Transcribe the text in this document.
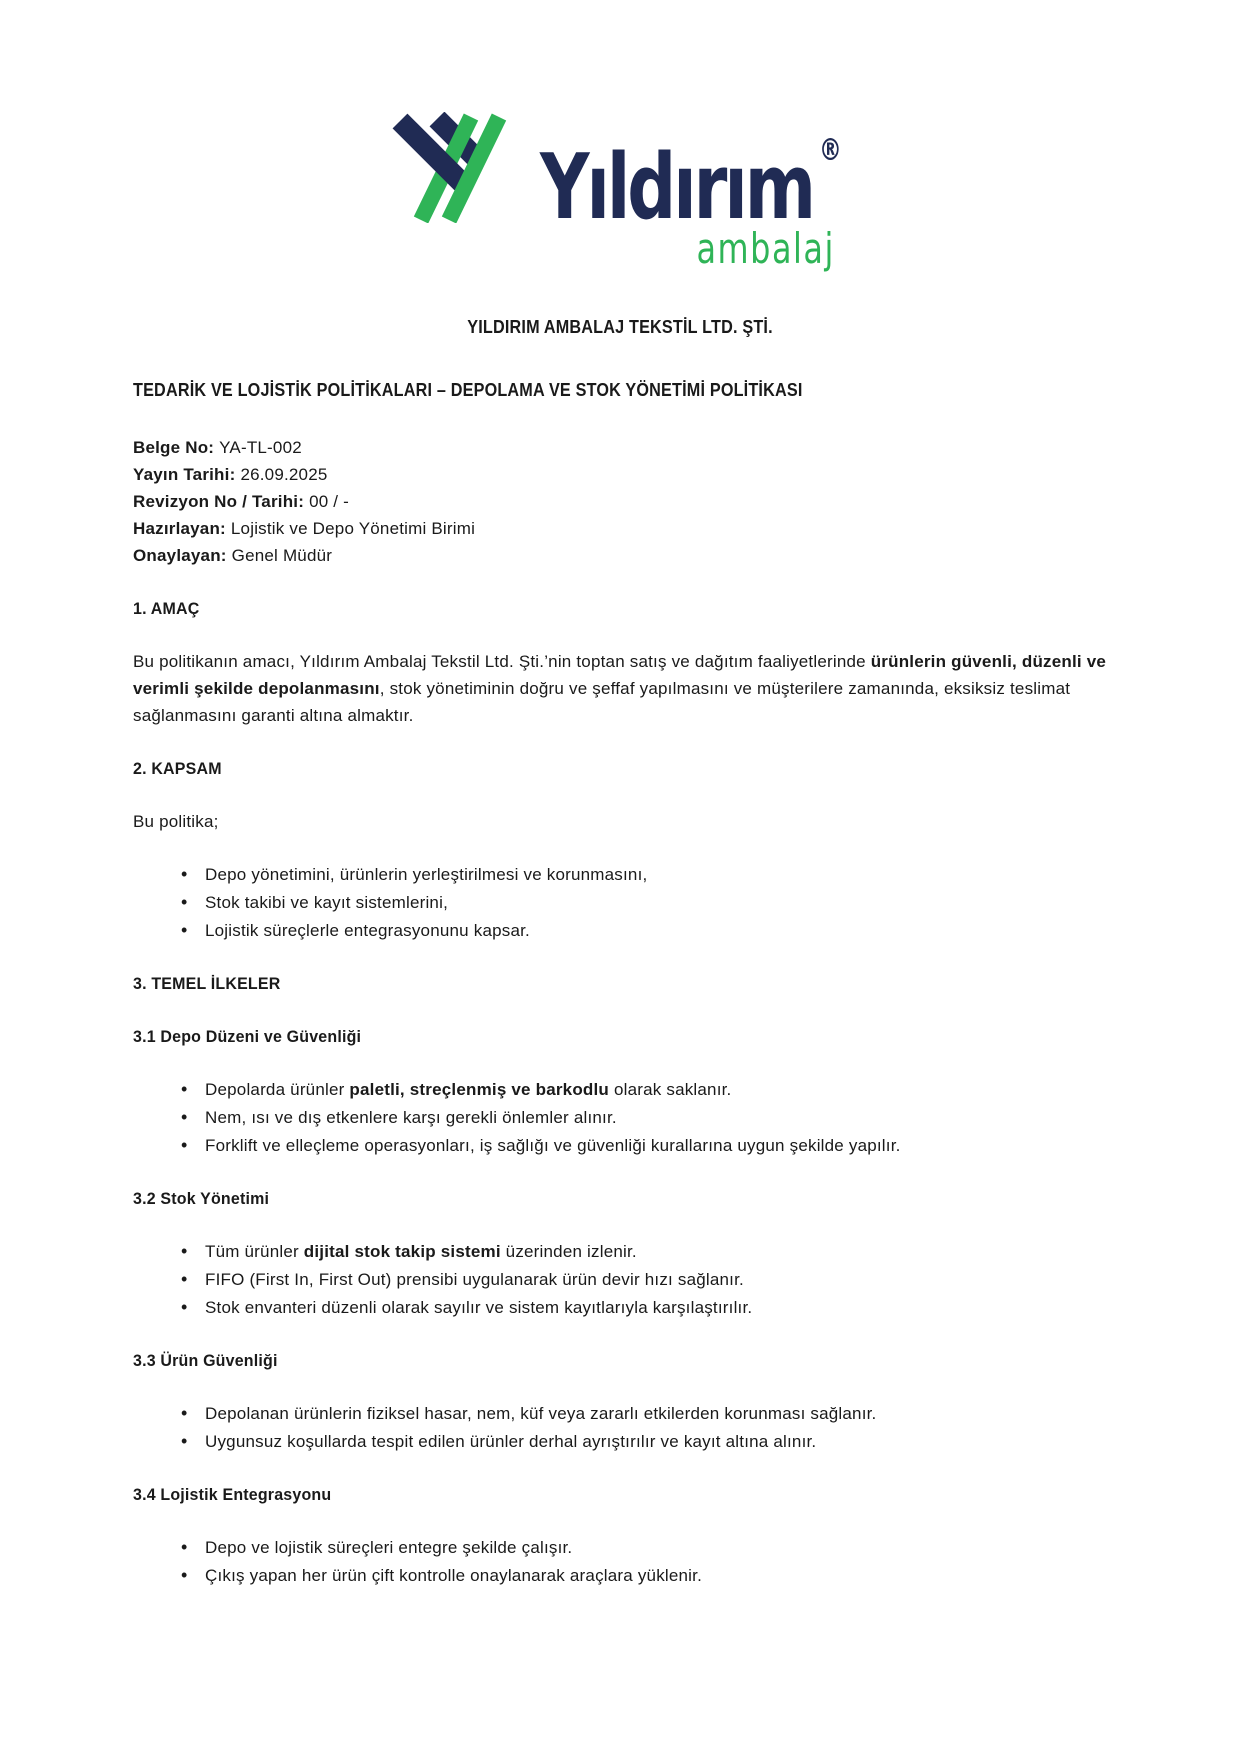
Yıldırım ®
ambalaj
YILDIRIM AMBALAJ TEKSTİL LTD. ŞTİ.
TEDARİK VE LOJİSTİK POLİTİKALARI – DEPOLAMA VE STOK YÖNETİMİ POLİTİKASI
Belge No: YA-TL-002
Yayın Tarihi: 26.09.2025
Revizyon No / Tarihi: 00 / -
Hazırlayan: Lojistik ve Depo Yönetimi Birimi
Onaylayan: Genel Müdür
1. AMAÇ

Bu politikanın amacı, Yıldırım Ambalaj Tekstil Ltd. Şti.’nin toptan satış ve dağıtım faaliyetlerinde ürünlerin güvenli, düzenli ve verimli şekilde depolanmasını, stok yönetiminin doğru ve şeffaf yapılmasını ve müşterilere zamanında, eksiksiz teslimat sağlanmasını garanti altına almaktır.

2. KAPSAM

Bu politika;

• Depo yönetimini, ürünlerin yerleştirilmesi ve korunmasını,
• Stok takibi ve kayıt sistemlerini,
• Lojistik süreçlerle entegrasyonunu kapsar.
3. TEMEL İLKELER
3.1 Depo Düzeni ve Güvenliği
• Depolarda ürünler paletli, streçlenmiş ve barkodlu olarak saklanır.
• Nem, ısı ve dış etkenlere karşı gerekli önlemler alınır.
• Forklift ve elleçleme operasyonları, iş sağlığı ve güvenliği kurallarına uygun şekilde yapılır.
3.2 Stok Yönetimi
• Tüm ürünler dijital stok takip sistemi üzerinden izlenir.
• FIFO (First In, First Out) prensibi uygulanarak ürün devir hızı sağlanır.
• Stok envanteri düzenli olarak sayılır ve sistem kayıtlarıyla karşılaştırılır.
3.3 Ürün Güvenliği
• Depolanan ürünlerin fiziksel hasar, nem, küf veya zararlı etkilerden korunması sağlanır.
• Uygunsuz koşullarda tespit edilen ürünler derhal ayrıştırılır ve kayıt altına alınır.
3.4 Lojistik Entegrasyonu
• Depo ve lojistik süreçleri entegre şekilde çalışır.
• Çıkış yapan her ürün çift kontrolle onaylanarak araçlara yüklenir.
